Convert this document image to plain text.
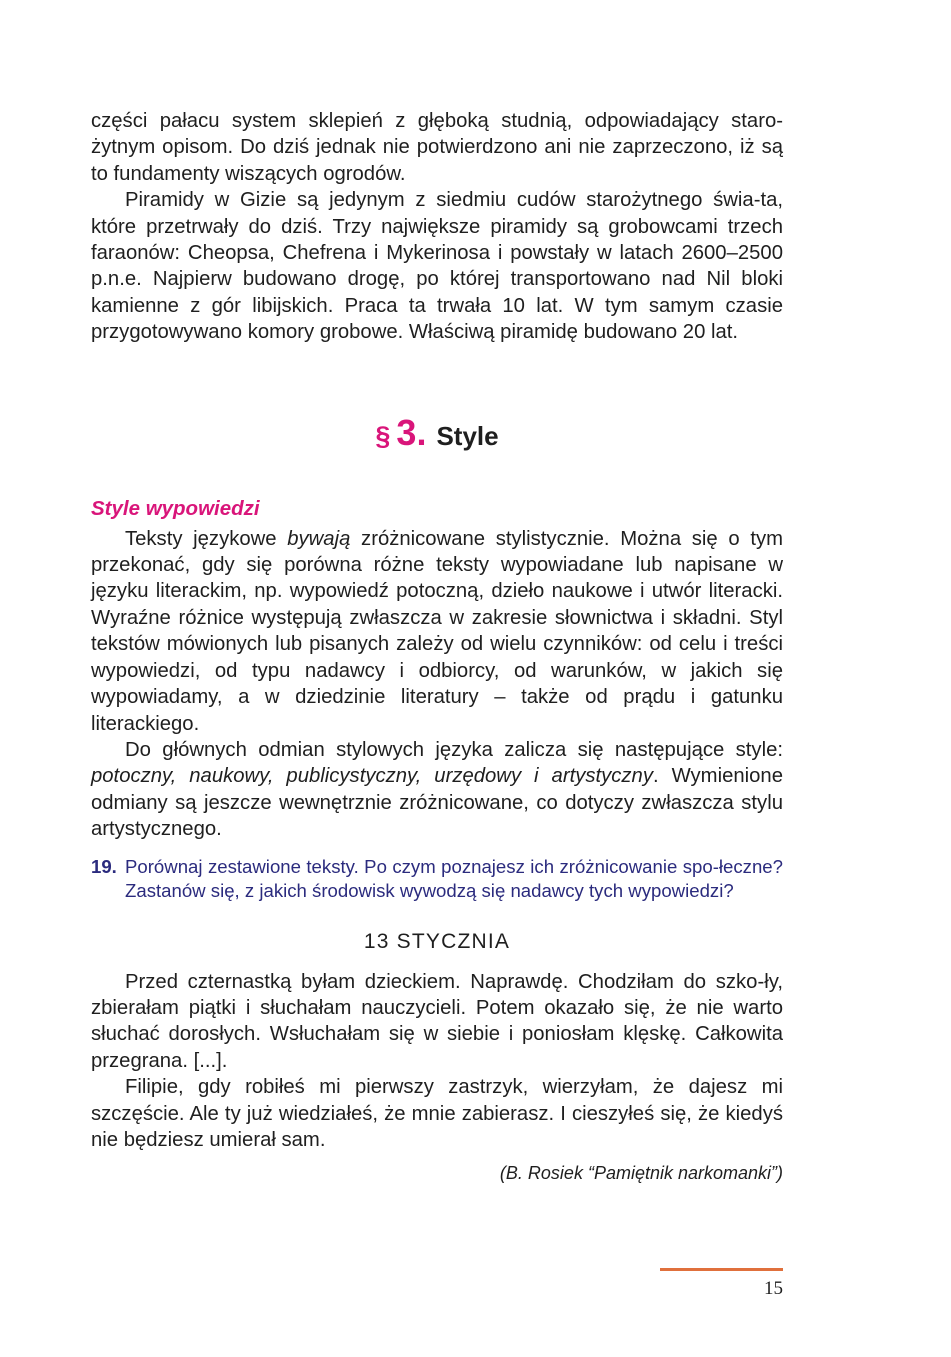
części pałacu system sklepień z głęboką studnią, odpowiadający staro-żytnym opisom. Do dziś jednak nie potwierdzono ani nie zaprzeczono, iż są to fundamenty wiszących ogrodów.

Piramidy w Gizie są jedynym z siedmiu cudów starożytnego świa-ta, które przetrwały do dziś. Trzy największe piramidy są grobowcami trzech faraonów: Cheopsa, Chefrena i Mykerinosa i powstały w latach 2600–2500 p.n.e. Najpierw budowano drogę, po której transportowano nad Nil bloki kamienne z gór libijskich. Praca ta trwała 10 lat. W tym samym czasie przygotowywano komory grobowe. Właściwą piramidę budowano 20 lat.

§ 3. Style
Style wypowiedzi

Teksty językowe bywają zróżnicowane stylistycznie. Można się o tym przekonać, gdy się porówna różne teksty wypowiadane lub napisane w języku literackim, np. wypowiedź potoczną, dzieło naukowe i utwór literacki. Wyraźne różnice występują zwłaszcza w zakresie słownictwa i składni. Styl tekstów mówionych lub pisanych zależy od wielu czynników: od celu i treści wypowiedzi, od typu nadawcy i odbiorcy, od warunków, w jakich się wypowiadamy, a w dziedzinie literatury – także od prądu i gatunku literackiego.

Do głównych odmian stylowych języka zalicza się następujące style: potoczny, naukowy, publicystyczny, urzędowy i artystyczny. Wymienione odmiany są jeszcze wewnętrznie zróżnicowane, co dotyczy zwłaszcza stylu artystycznego.

19. Porównaj zestawione teksty. Po czym poznajesz ich zróżnicowanie spo-łeczne? Zastanów się, z jakich środowisk wywodzą się nadawcy tych wypowiedzi?
13 STYCZNIA

Przed czternastką byłam dzieckiem. Naprawdę. Chodziłam do szko-ły, zbierałam piątki i słuchałam nauczycieli. Potem okazało się, że nie warto słuchać dorosłych. Wsłuchałam się w siebie i poniosłam klęskę. Całkowita przegrana. [...].

Filipie, gdy robiłeś mi pierwszy zastrzyk, wierzyłam, że dajesz mi szczęście. Ale ty już wiedziałeś, że mnie zabierasz. I cieszyłeś się, że kiedyś nie będziesz umierał sam.

(B. Rosiek “Pamiętnik narkomanki”)
15
